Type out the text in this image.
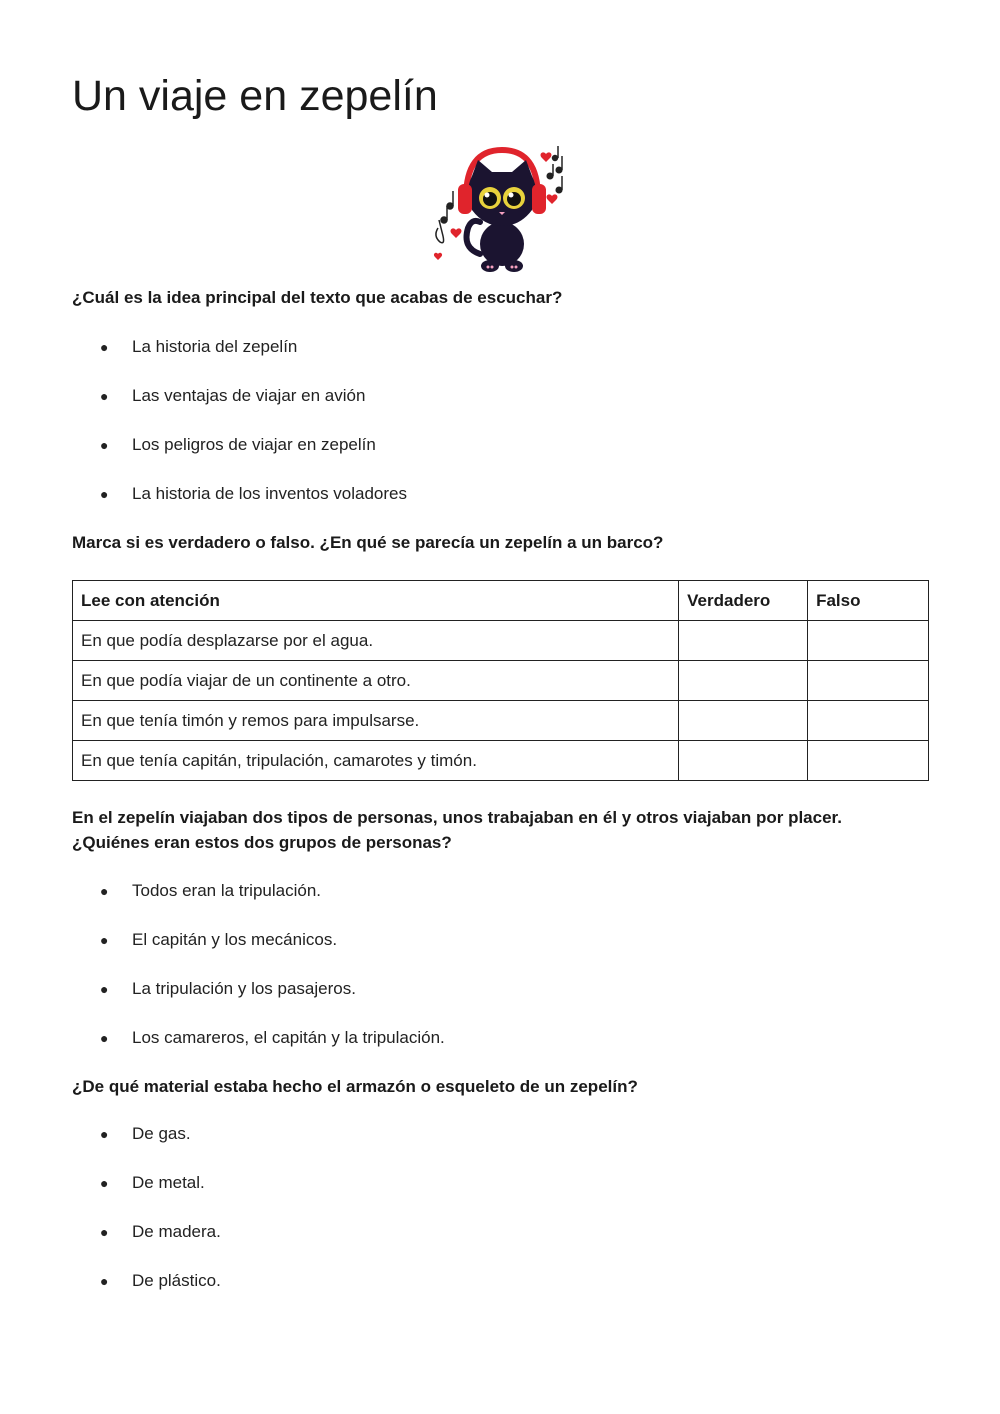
Un viaje en zepelín
¿Cuál es la idea principal del texto que acabas de escuchar?
● La historia del zepelín
● Las ventajas de viajar en avión
● Los peligros de viajar en zepelín
● La historia de los inventos voladores
Marca si es verdadero o falso. ¿En qué se parecía un zepelín a un barco?
Lee con atención	Verdadero	Falso
En que podía desplazarse por el agua.		
En que podía viajar de un continente a otro.		
En que tenía timón y remos para impulsarse.		
En que tenía capitán, tripulación, camarotes y timón.		
En el zepelín viajaban dos tipos de personas, unos trabajaban en él y otros viajaban por placer.
¿Quiénes eran estos dos grupos de personas?
● Todos eran la tripulación.
● El capitán y los mecánicos.
● La tripulación y los pasajeros.
● Los camareros, el capitán y la tripulación.
¿De qué material estaba hecho el armazón o esqueleto de un zepelín?
● De gas.
● De metal.
● De madera.
● De plástico.
